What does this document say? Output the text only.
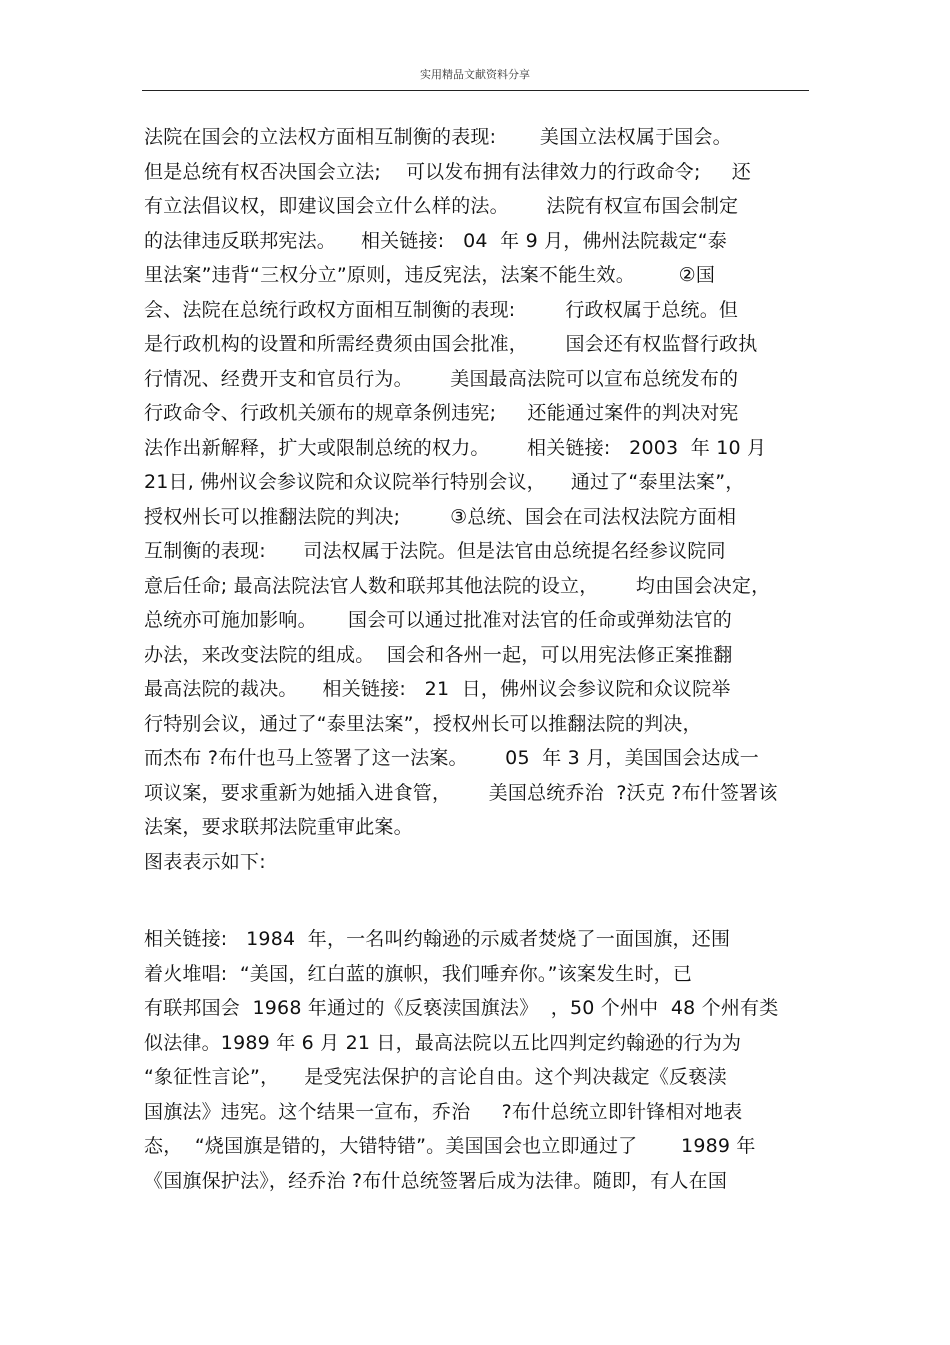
实用精品文献资料分享
法院在国会的立法权方面相互制衡的表现:       美国立法权属于国会。
但是总统有权否决国会立法;    可以发布拥有法律效力的行政命令;     还
有立法倡议权，即建议国会立什么样的法。      法院有权宣布国会制定
的法律违反联邦宪法。    相关链接:   04  年 9 月，佛州法院裁定“泰
里法案”违背“三权分立”原则，违反宪法，法案不能生效。       ②国
会、法院在总统行政权方面相互制衡的表现:        行政权属于总统。但
是行政机构的设置和所需经费须由国会批准，      国会还有权监督行政执
行情况、经费开支和官员行为。      美国最高法院可以宣布总统发布的
行政命令、行政机关颁布的规章条例违宪;     还能通过案件的判决对宪
法作出新解释，扩大或限制总统的权力。      相关链接:   2003  年 10 月
21日, 佛州议会参议院和众议院举行特别会议，    通过了“泰里法案”，
授权州长可以推翻法院的判决;        ③总统、国会在司法权法院方面相
互制衡的表现:      司法权属于法院。但是法官由总统提名经参议院同
意后任命; 最高法院法官人数和联邦其他法院的设立，      均由国会决定，
总统亦可施加影响。     国会可以通过批准对法官的任命或弹劾法官的
办法，来改变法院的组成。  国会和各州一起，可以用宪法修正案推翻
最高法院的裁决。    相关链接:   21  日，佛州议会参议院和众议院举
行特别会议，通过了“泰里法案”，授权州长可以推翻法院的判决，
而杰布 ?布什也马上签署了这一法案。      05  年 3 月，美国国会达成一
项议案，要求重新为她插入进食管，      美国总统乔治  ?沃克 ?布什签署该
法案，要求联邦法院重审此案。
图表表示如下:
相关链接:   1984  年，一名叫约翰逊的示威者焚烧了一面国旗，还围
着火堆唱:  “美国，红白蓝的旗帜，我们唾弃你。”该案发生时，已
有联邦国会  1968 年通过的《反亵渎国旗法》  ，50 个州中  48 个州有类
似法律。1989 年 6 月 21 日，最高法院以五比四判定约翰逊的行为为
“象征性言论”，    是受宪法保护的言论自由。这个判决裁定《反亵渎
国旗法》违宪。这个结果一宣布，乔治     ?布什总统立即针锋相对地表
态，  “烧国旗是错的，大错特错”。美国国会也立即通过了       1989 年
《国旗保护法》，经乔治 ?布什总统签署后成为法律。随即，有人在国
